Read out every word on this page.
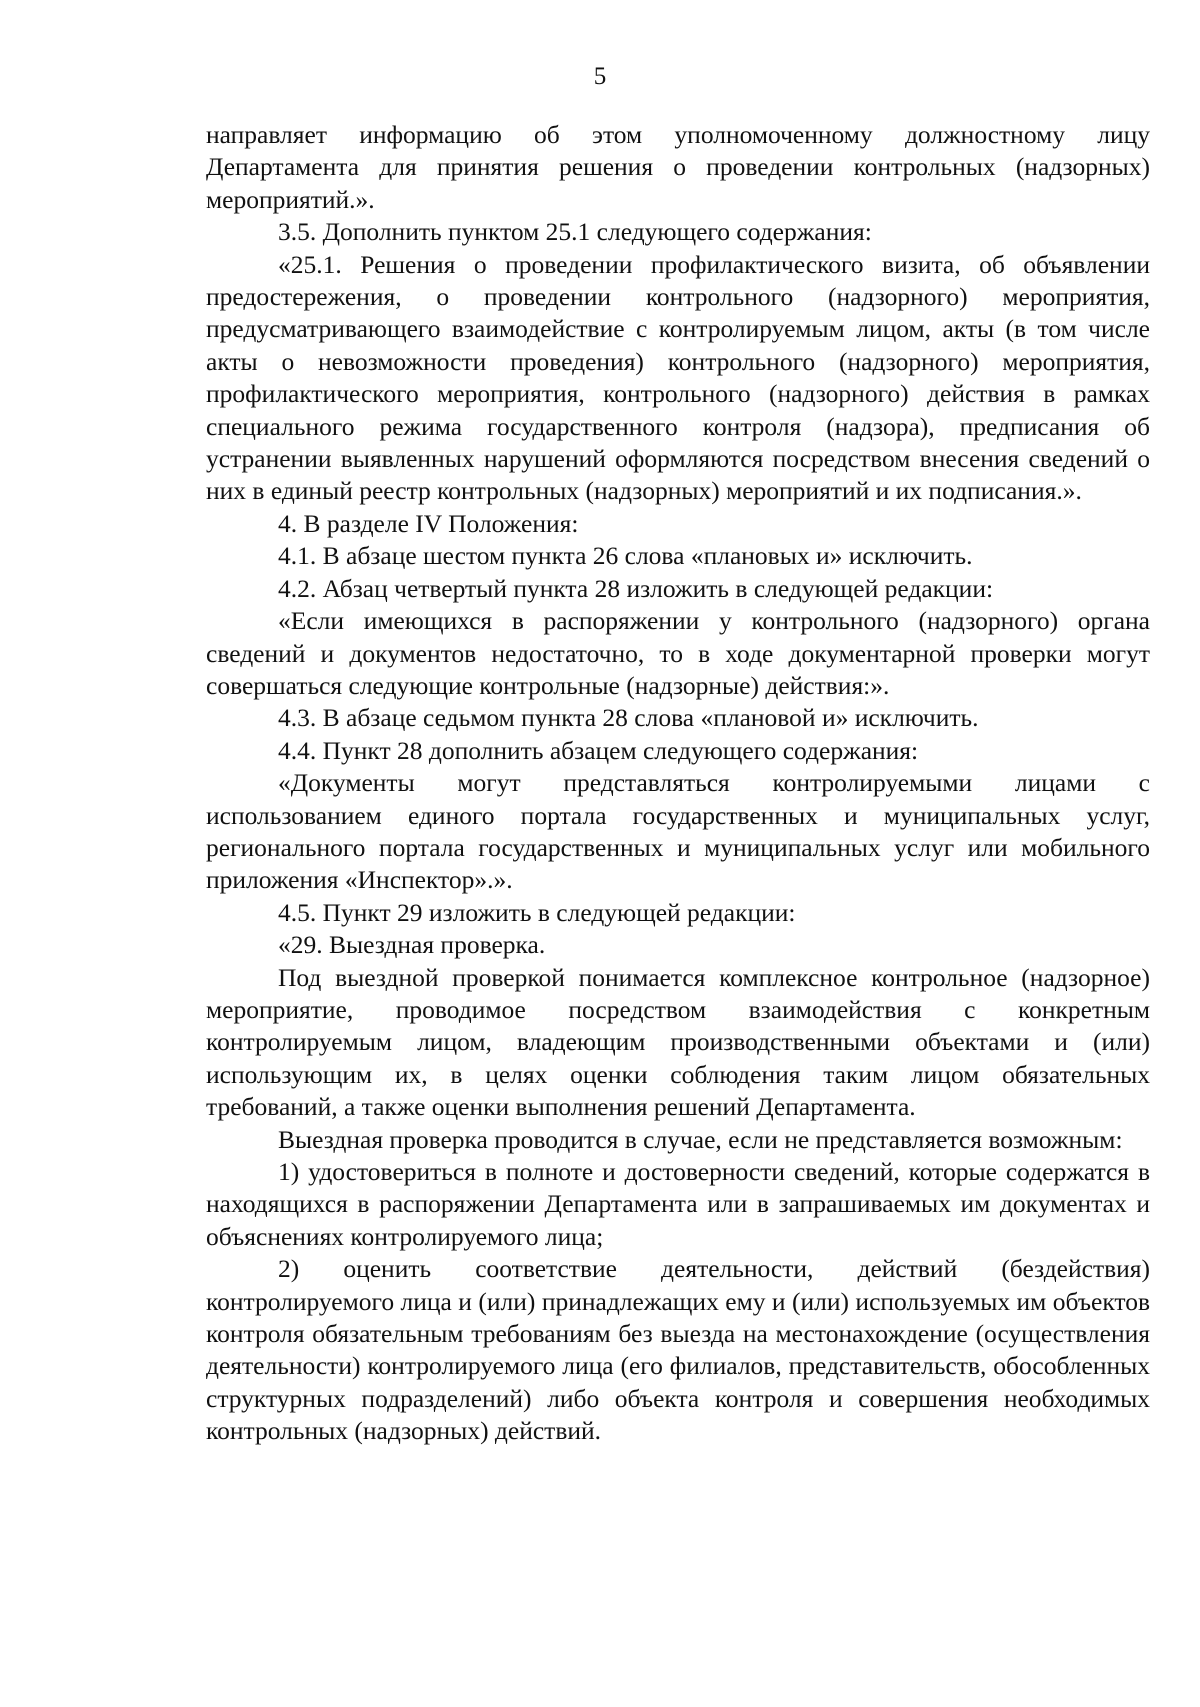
5

направляет информацию об этом уполномоченному должностному лицу Департамента для принятия решения о проведении контрольных (надзорных) мероприятий.».

3.5. Дополнить пунктом 25.1 следующего содержания:

«25.1. Решения о проведении профилактического визита, об объявлении предостережения, о проведении контрольного (надзорного) мероприятия, предусматривающего взаимодействие с контролируемым лицом, акты (в том числе акты о невозможности проведения) контрольного (надзорного) мероприятия, профилактического мероприятия, контрольного (надзорного) действия в рамках специального режима государственного контроля (надзора), предписания об устранении выявленных нарушений оформляются посредством внесения сведений о них в единый реестр контрольных (надзорных) мероприятий и их подписания.».

4. В разделе IV Положения:

4.1. В абзаце шестом пункта 26 слова «плановых и» исключить.

4.2. Абзац четвертый пункта 28 изложить в следующей редакции:

«Если имеющихся в распоряжении у контрольного (надзорного) органа сведений и документов недостаточно, то в ходе документарной проверки могут совершаться следующие контрольные (надзорные) действия:».

4.3. В абзаце седьмом пункта 28 слова «плановой и» исключить.

4.4. Пункт 28 дополнить абзацем следующего содержания:

«Документы могут представляться контролируемыми лицами с использованием единого портала государственных и муниципальных услуг, регионального портала государственных и муниципальных услуг или мобильного приложения «Инспектор».».

4.5. Пункт 29 изложить в следующей редакции:

«29. Выездная проверка.

Под выездной проверкой понимается комплексное контрольное (надзорное) мероприятие, проводимое посредством взаимодействия с конкретным контролируемым лицом, владеющим производственными объектами и (или) использующим их, в целях оценки соблюдения таким лицом обязательных требований, а также оценки выполнения решений Департамента.

Выездная проверка проводится в случае, если не представляется возможным:

1) удостовериться в полноте и достоверности сведений, которые содержатся в находящихся в распоряжении Департамента или в запрашиваемых им документах и объяснениях контролируемого лица;

2) оценить соответствие деятельности, действий (бездействия) контролируемого лица и (или) принадлежащих ему и (или) используемых им объектов контроля обязательным требованиям без выезда на местонахождение (осуществления деятельности) контролируемого лица (его филиалов, представительств, обособленных структурных подразделений) либо объекта контроля и совершения необходимых контрольных (надзорных) действий.
